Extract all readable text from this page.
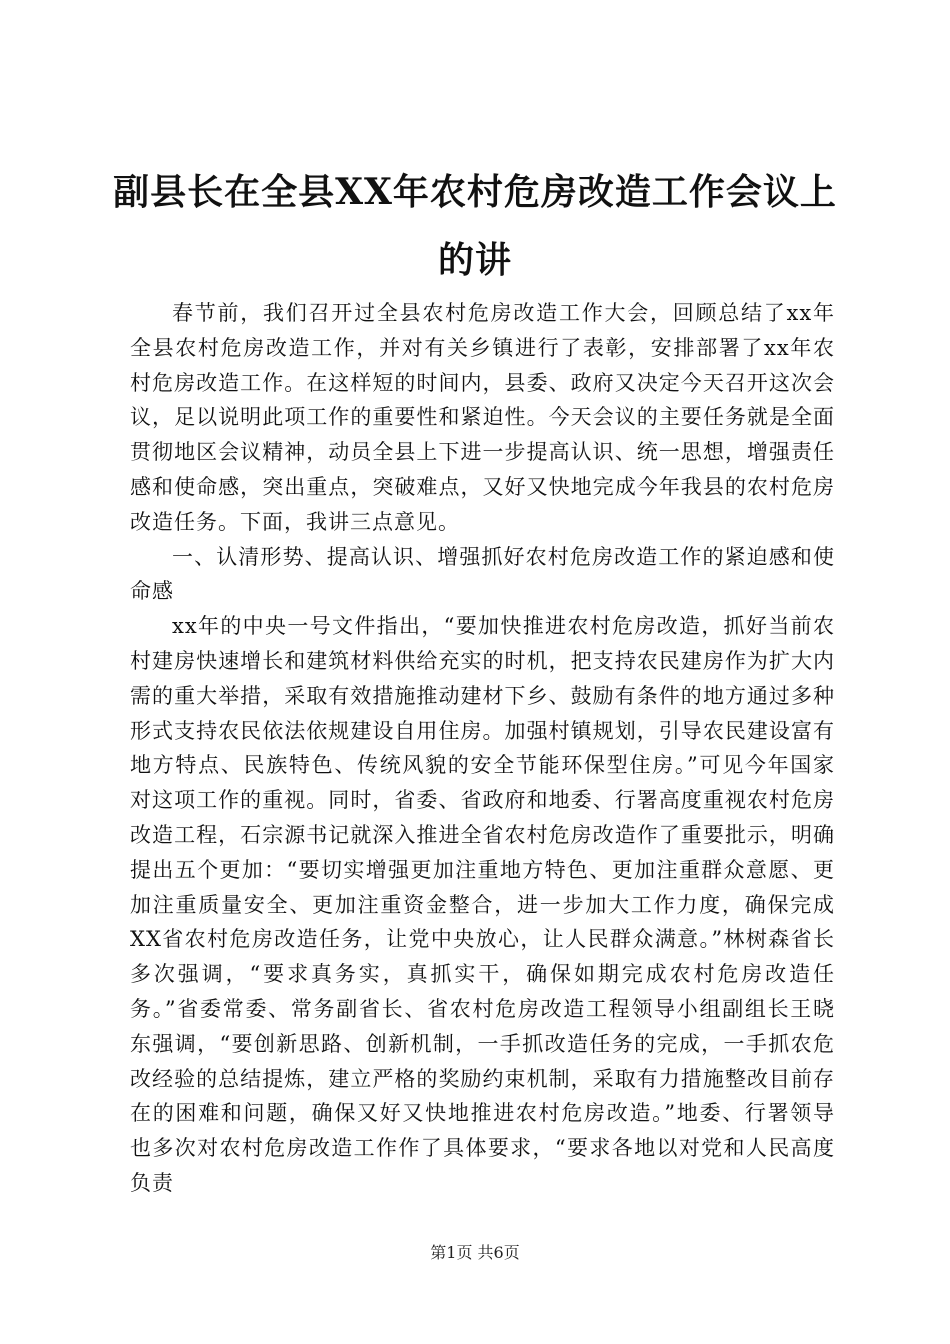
副县长在全县XX年农村危房改造工作会议上
的讲

春节前，我们召开过全县农村危房改造工作大会，回顾总结了xx年全县农村危房改造工作，并对有关乡镇进行了表彰，安排部署了xx年农村危房改造工作。在这样短的时间内，县委、政府又决定今天召开这次会议，足以说明此项工作的重要性和紧迫性。今天会议的主要任务就是全面贯彻地区会议精神，动员全县上下进一步提高认识、统一思想，增强责任感和使命感，突出重点，突破难点，又好又快地完成今年我县的农村危房改造任务。下面，我讲三点意见。

一、认清形势、提高认识、增强抓好农村危房改造工作的紧迫感和使命感

xx年的中央一号文件指出，“要加快推进农村危房改造，抓好当前农村建房快速增长和建筑材料供给充实的时机，把支持农民建房作为扩大内需的重大举措，采取有效措施推动建材下乡、鼓励有条件的地方通过多种形式支持农民依法依规建设自用住房。加强村镇规划，引导农民建设富有地方特点、民族特色、传统风貌的安全节能环保型住房。”可见今年国家对这项工作的重视。同时，省委、省政府和地委、行署高度重视农村危房改造工程，石宗源书记就深入推进全省农村危房改造作了重要批示，明确提出五个更加：“要切实增强更加注重地方特色、更加注重群众意愿、更加注重质量安全、更加注重资金整合，进一步加大工作力度，确保完成XX省农村危房改造任务，让党中央放心，让人民群众满意。”林树森省长多次强调，“要求真务实，真抓实干，确保如期完成农村危房改造任务。”省委常委、常务副省长、省农村危房改造工程领导小组副组长王晓东强调，“要创新思路、创新机制，一手抓改造任务的完成，一手抓农危改经验的总结提炼，建立严格的奖励约束机制，采取有力措施整改目前存在的困难和问题，确保又好又快地推进农村危房改造。”地委、行署领导也多次对农村危房改造工作作了具体要求，“要求各地以对党和人民高度负责

第1页 共6页
